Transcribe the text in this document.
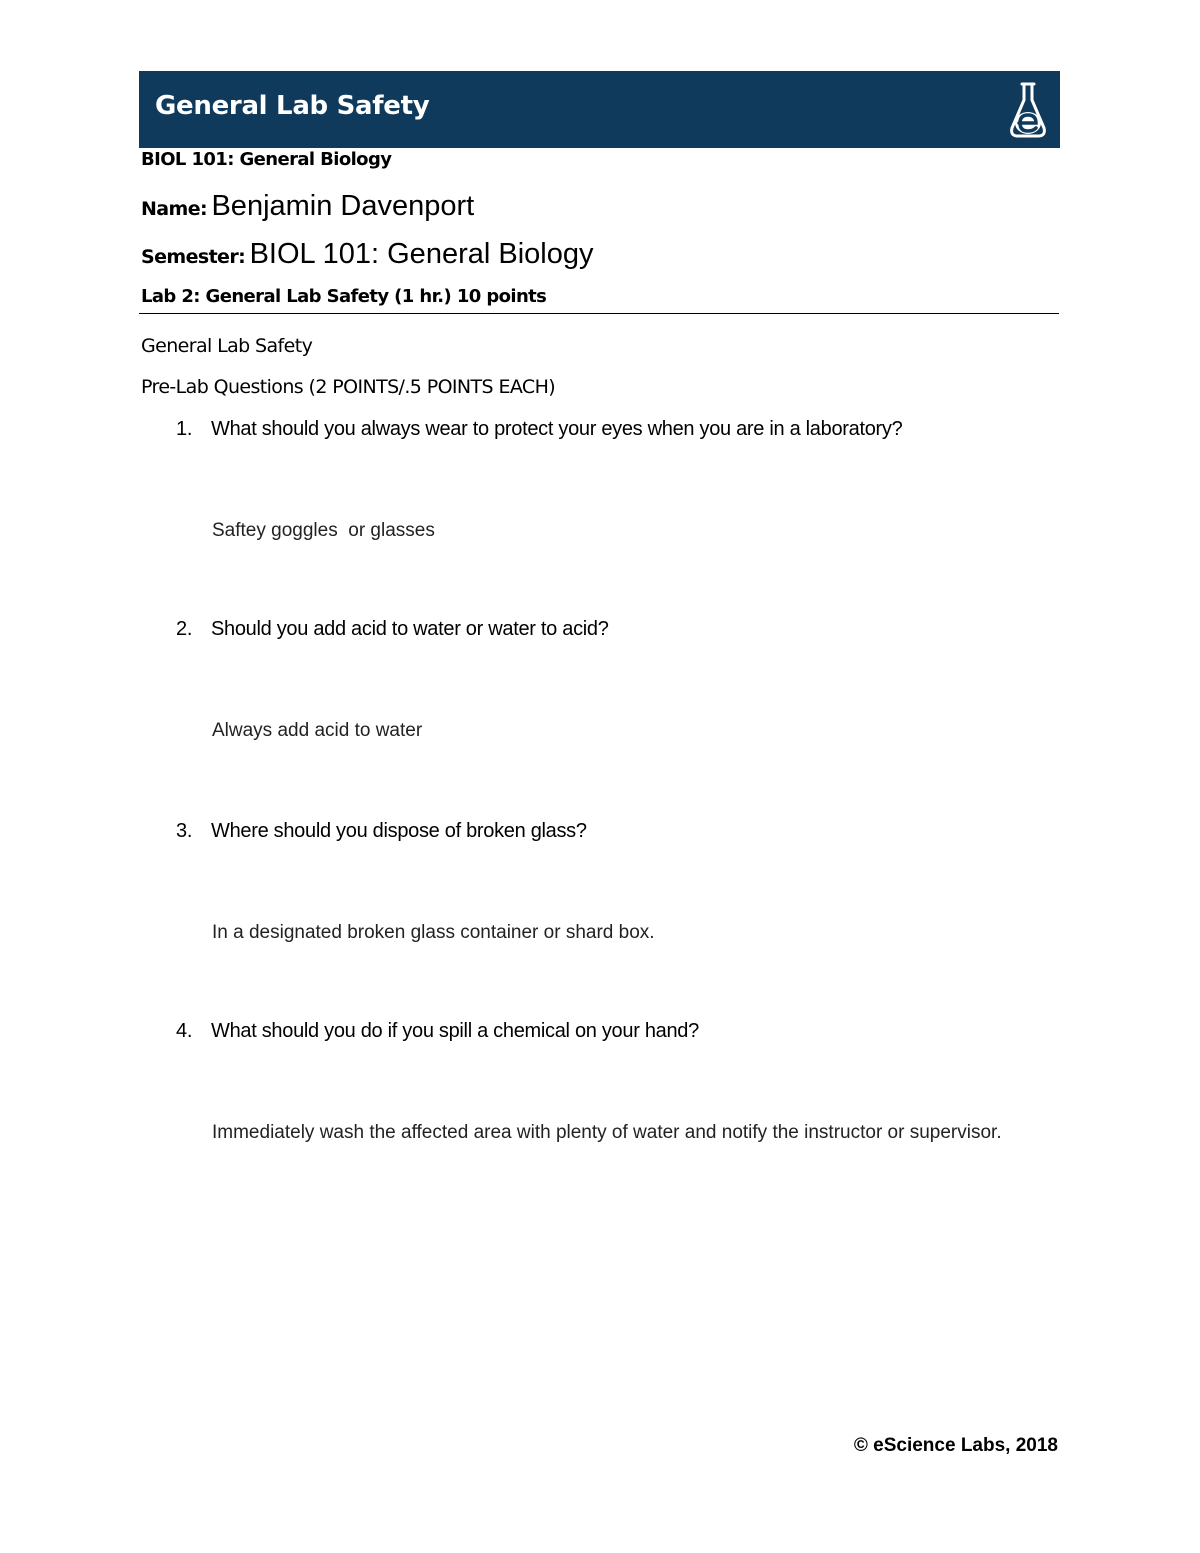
General Lab Safety
BIOL 101: General Biology
Name: Benjamin Davenport
Semester: BIOL 101: General Biology
Lab 2: General Lab Safety (1 hr.) 10 points
General Lab Safety
Pre-Lab Questions (2 POINTS/.5 POINTS EACH)
1. What should you always wear to protect your eyes when you are in a laboratory?
Saftey goggles  or glasses
2. Should you add acid to water or water to acid?
Always add acid to water
3. Where should you dispose of broken glass?
In a designated broken glass container or shard box.
4. What should you do if you spill a chemical on your hand?
Immediately wash the affected area with plenty of water and notify the instructor or supervisor.
© eScience Labs, 2018
